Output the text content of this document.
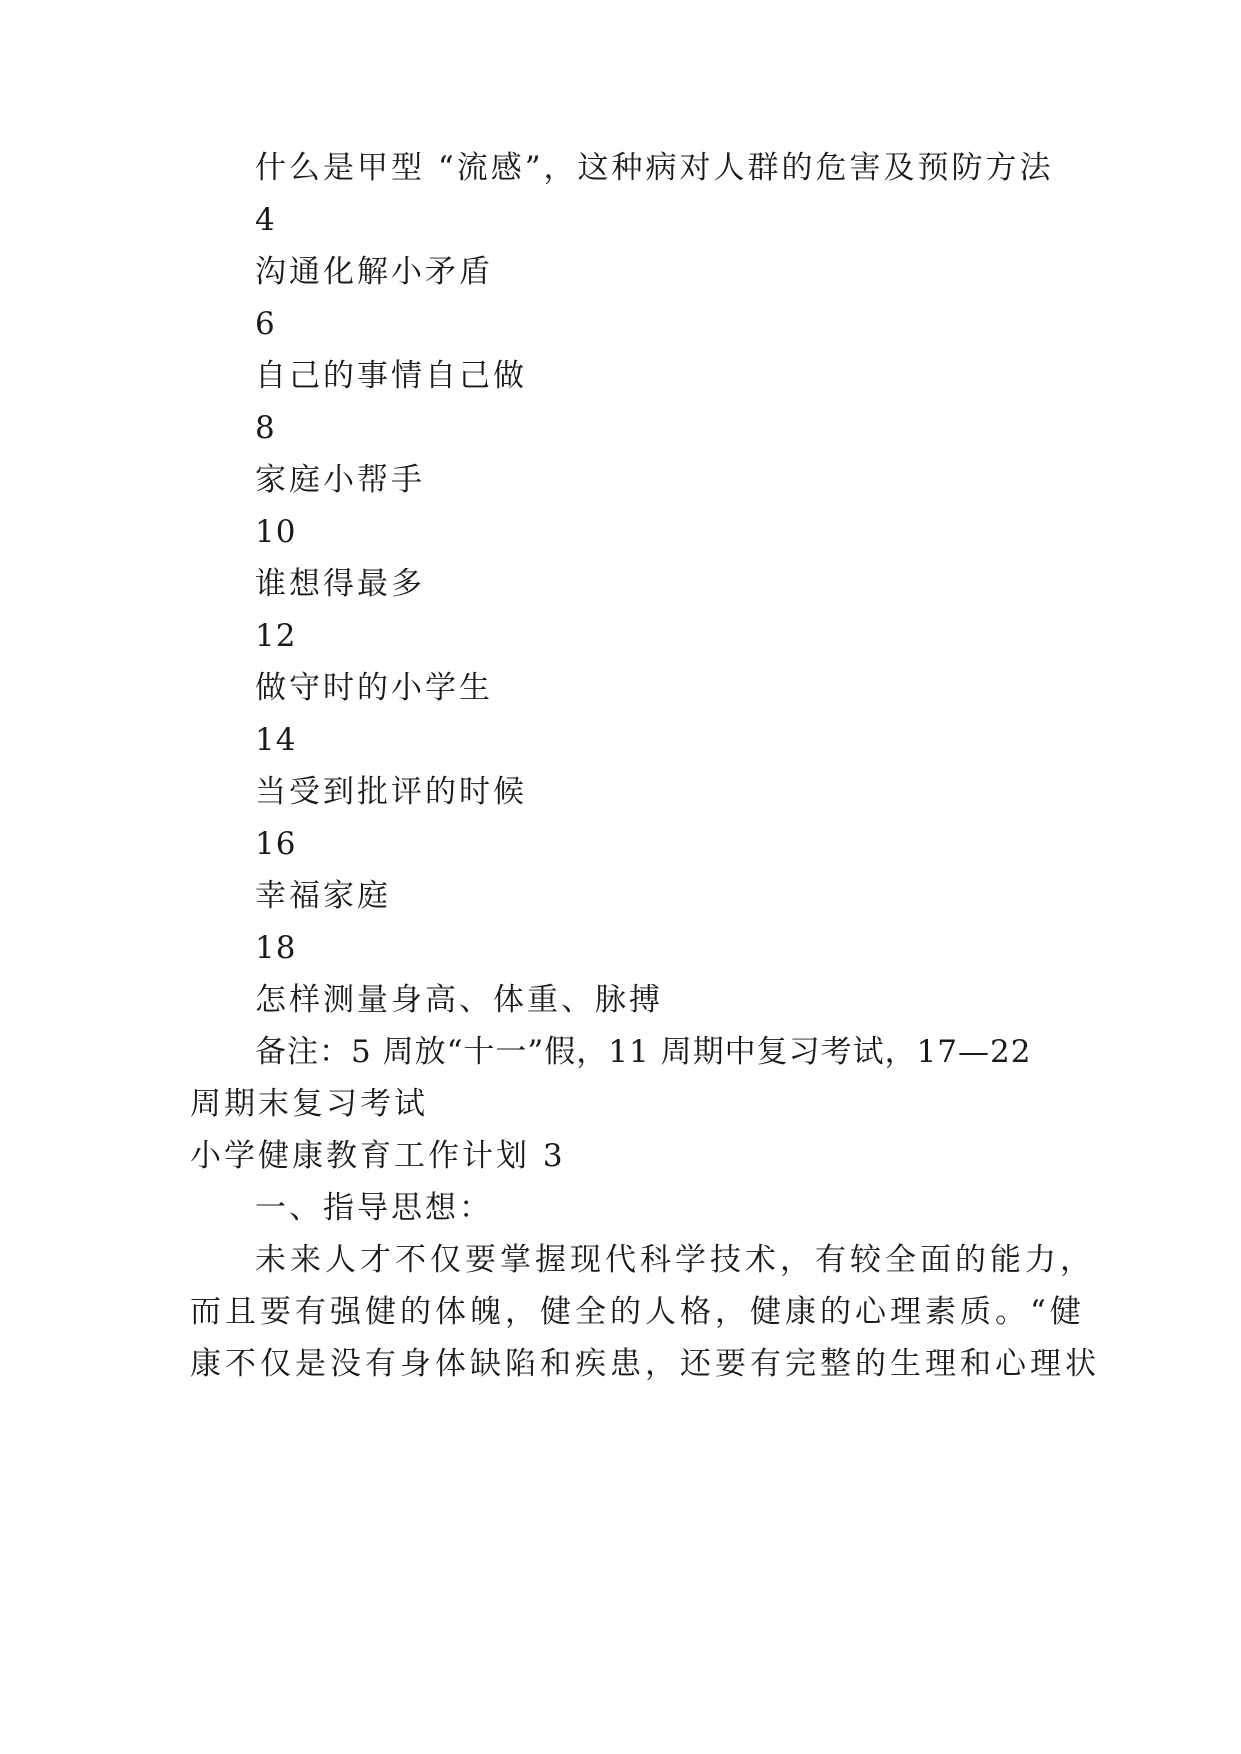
什么是甲型 “流感”，这种病对人群的危害及预防方法
4
沟通化解小矛盾
6
自己的事情自己做
8
家庭小帮手
10
谁想得最多
12
做守时的小学生
14
当受到批评的时候
16
幸福家庭
18
怎样测量身高、体重、脉搏
备注：5 周放“十一”假，11 周期中复习考试，17—22
周期末复习考试
小学健康教育工作计划 3
一、指导思想：
未来人才不仅要掌握现代科学技术，有较全面的能力，
而且要有强健的体魄，健全的人格，健康的心理素质。“健
康不仅是没有身体缺陷和疾患，还要有完整的生理和心理状
